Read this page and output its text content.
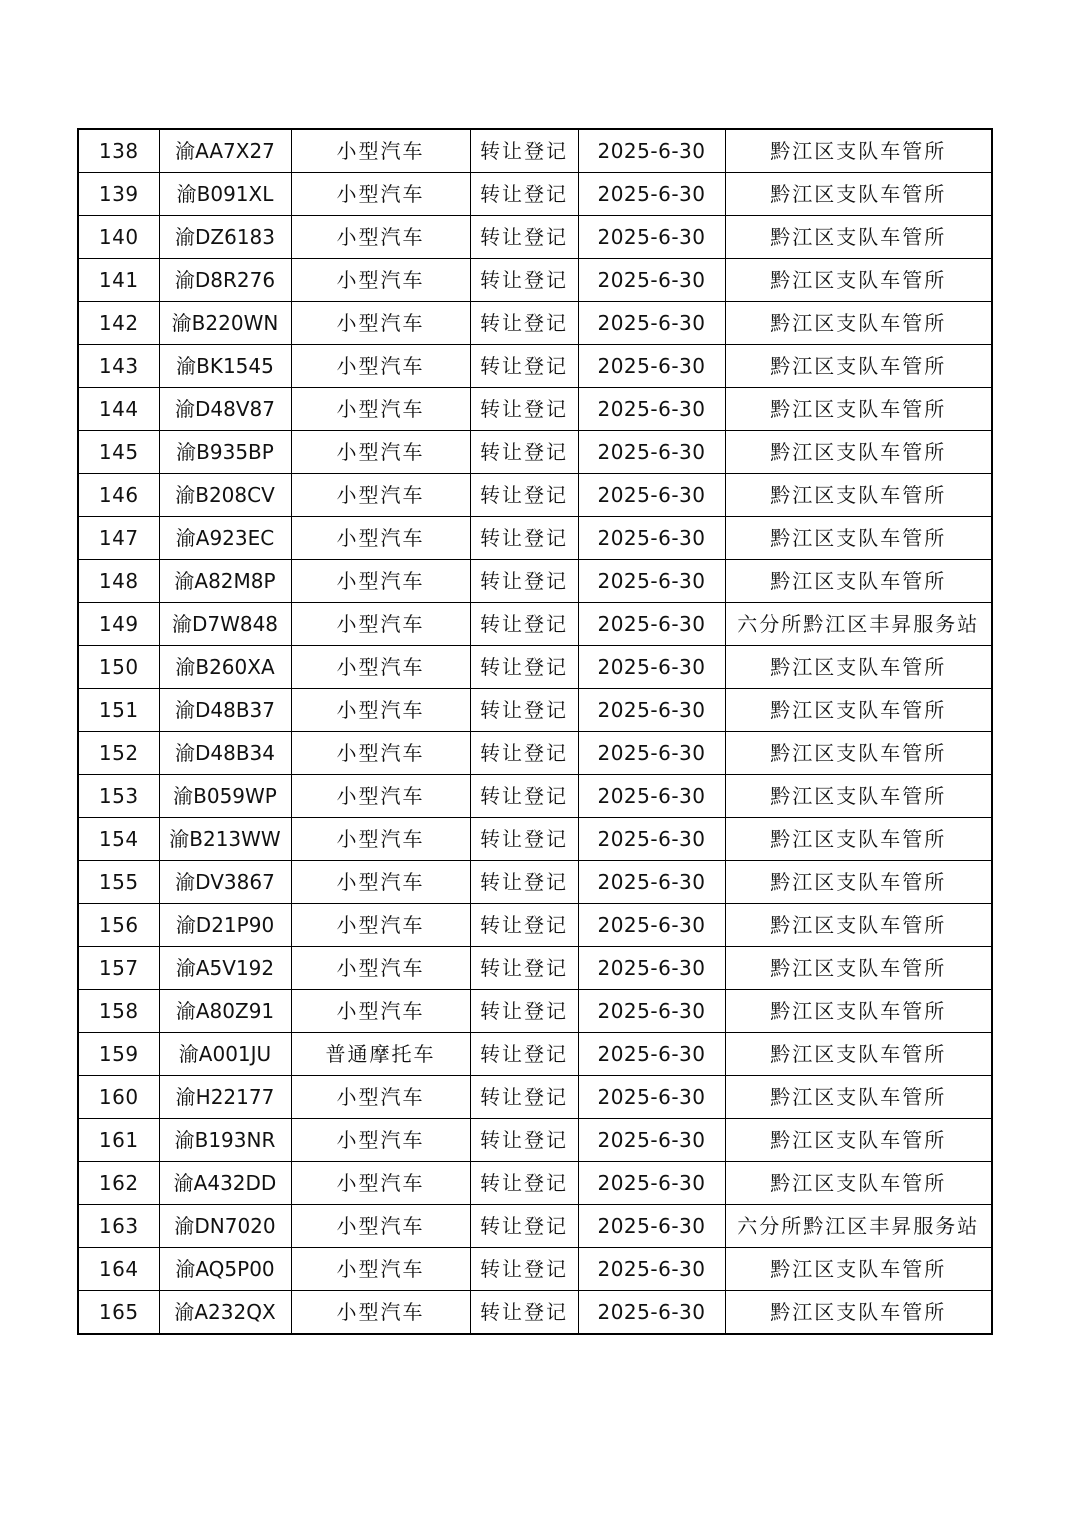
138	渝AA7X27	小型汽车	转让登记	2025-6-30	黔江区支队车管所
139	渝B091XL	小型汽车	转让登记	2025-6-30	黔江区支队车管所
140	渝DZ6183	小型汽车	转让登记	2025-6-30	黔江区支队车管所
141	渝D8R276	小型汽车	转让登记	2025-6-30	黔江区支队车管所
142	渝B220WN	小型汽车	转让登记	2025-6-30	黔江区支队车管所
143	渝BK1545	小型汽车	转让登记	2025-6-30	黔江区支队车管所
144	渝D48V87	小型汽车	转让登记	2025-6-30	黔江区支队车管所
145	渝B935BP	小型汽车	转让登记	2025-6-30	黔江区支队车管所
146	渝B208CV	小型汽车	转让登记	2025-6-30	黔江区支队车管所
147	渝A923EC	小型汽车	转让登记	2025-6-30	黔江区支队车管所
148	渝A82M8P	小型汽车	转让登记	2025-6-30	黔江区支队车管所
149	渝D7W848	小型汽车	转让登记	2025-6-30	六分所黔江区丰昇服务站
150	渝B260XA	小型汽车	转让登记	2025-6-30	黔江区支队车管所
151	渝D48B37	小型汽车	转让登记	2025-6-30	黔江区支队车管所
152	渝D48B34	小型汽车	转让登记	2025-6-30	黔江区支队车管所
153	渝B059WP	小型汽车	转让登记	2025-6-30	黔江区支队车管所
154	渝B213WW	小型汽车	转让登记	2025-6-30	黔江区支队车管所
155	渝DV3867	小型汽车	转让登记	2025-6-30	黔江区支队车管所
156	渝D21P90	小型汽车	转让登记	2025-6-30	黔江区支队车管所
157	渝A5V192	小型汽车	转让登记	2025-6-30	黔江区支队车管所
158	渝A80Z91	小型汽车	转让登记	2025-6-30	黔江区支队车管所
159	渝A001JU	普通摩托车	转让登记	2025-6-30	黔江区支队车管所
160	渝H22177	小型汽车	转让登记	2025-6-30	黔江区支队车管所
161	渝B193NR	小型汽车	转让登记	2025-6-30	黔江区支队车管所
162	渝A432DD	小型汽车	转让登记	2025-6-30	黔江区支队车管所
163	渝DN7020	小型汽车	转让登记	2025-6-30	六分所黔江区丰昇服务站
164	渝AQ5P00	小型汽车	转让登记	2025-6-30	黔江区支队车管所
165	渝A232QX	小型汽车	转让登记	2025-6-30	黔江区支队车管所
